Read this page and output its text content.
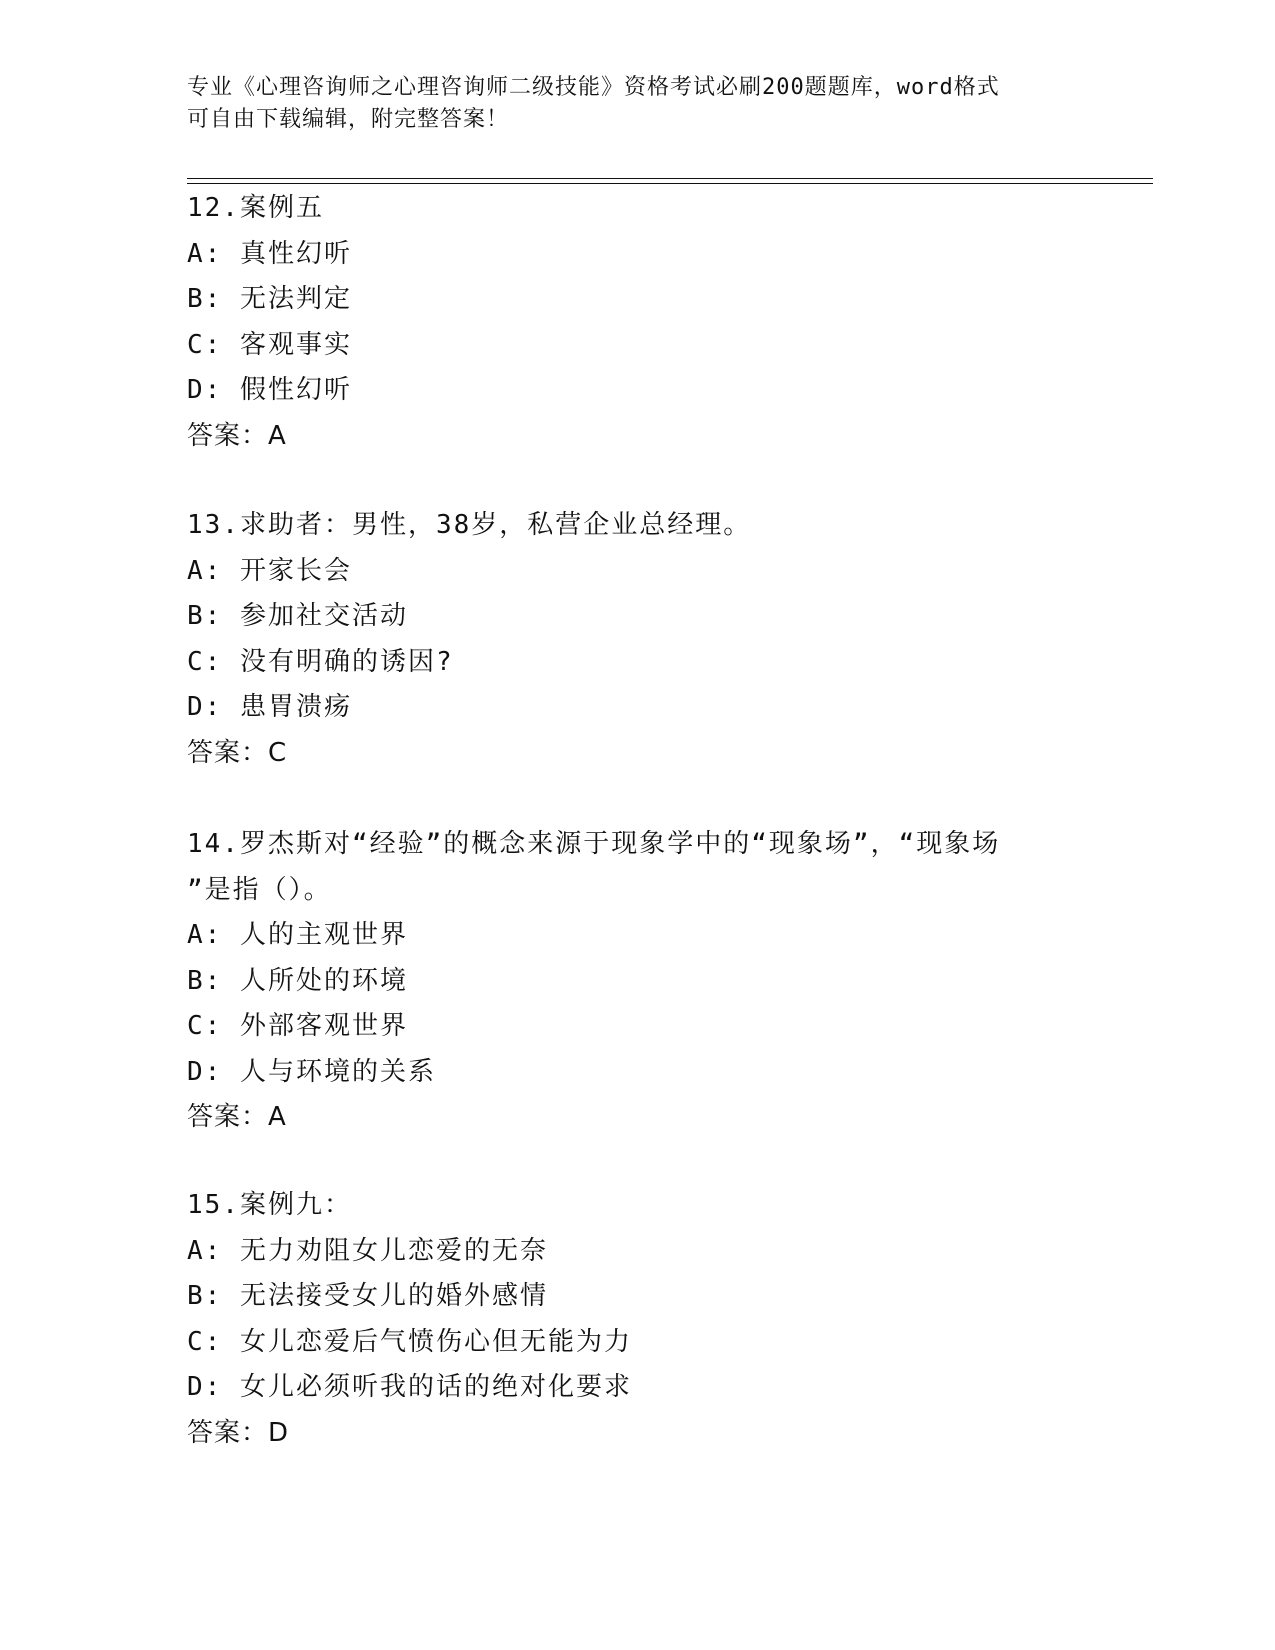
专业《心理咨询师之心理咨询师二级技能》资格考试必刷200题题库，word格式
可自由下载编辑，附完整答案！
12.案例五
A: 真性幻听
B: 无法判定
C: 客观事实
D: 假性幻听
答案：A
13.求助者：男性，38岁，私营企业总经理。
A: 开家长会
B: 参加社交活动
C: 没有明确的诱因?
D: 患胃溃疡
答案：C
14.罗杰斯对“经验”的概念来源于现象学中的“现象场”，“现象场
”是指（）。
A: 人的主观世界
B: 人所处的环境
C: 外部客观世界
D: 人与环境的关系
答案：A
15.案例九：
A: 无力劝阻女儿恋爱的无奈
B: 无法接受女儿的婚外感情
C: 女儿恋爱后气愤伤心但无能为力
D: 女儿必须听我的话的绝对化要求
答案：D
